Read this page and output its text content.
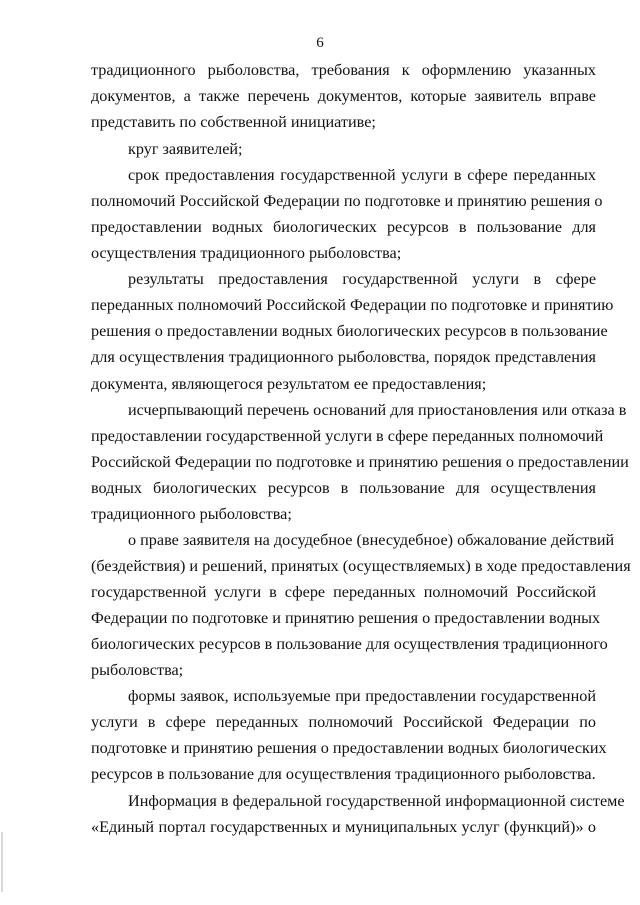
6
традиционного рыболовства, требования к оформлению указанных
документов, а также перечень документов, которые заявитель вправе
представить по собственной инициативе;
круг заявителей;
срок предоставления государственной услуги в сфере переданных
полномочий Российской Федерации по подготовке и принятию решения о
предоставлении водных биологических ресурсов в пользование для
осуществления традиционного рыболовства;
результаты предоставления государственной услуги в сфере
переданных полномочий Российской Федерации по подготовке и принятию
решения о предоставлении водных биологических ресурсов в пользование
для осуществления традиционного рыболовства, порядок представления
документа, являющегося результатом ее предоставления;
исчерпывающий перечень оснований для приостановления или отказа в
предоставлении государственной услуги в сфере переданных полномочий
Российской Федерации по подготовке и принятию решения о предоставлении
водных биологических ресурсов в пользование для осуществления
традиционного рыболовства;
о праве заявителя на досудебное (внесудебное) обжалование действий
(бездействия) и решений, принятых (осуществляемых) в ходе предоставления
государственной услуги в сфере переданных полномочий Российской
Федерации по подготовке и принятию решения о предоставлении водных
биологических ресурсов в пользование для осуществления традиционного
рыболовства;
формы заявок, используемые при предоставлении государственной
услуги в сфере переданных полномочий Российской Федерации по
подготовке и принятию решения о предоставлении водных биологических
ресурсов в пользование для осуществления традиционного рыболовства.
Информация в федеральной государственной информационной системе
«Единый портал государственных и муниципальных услуг (функций)» о
